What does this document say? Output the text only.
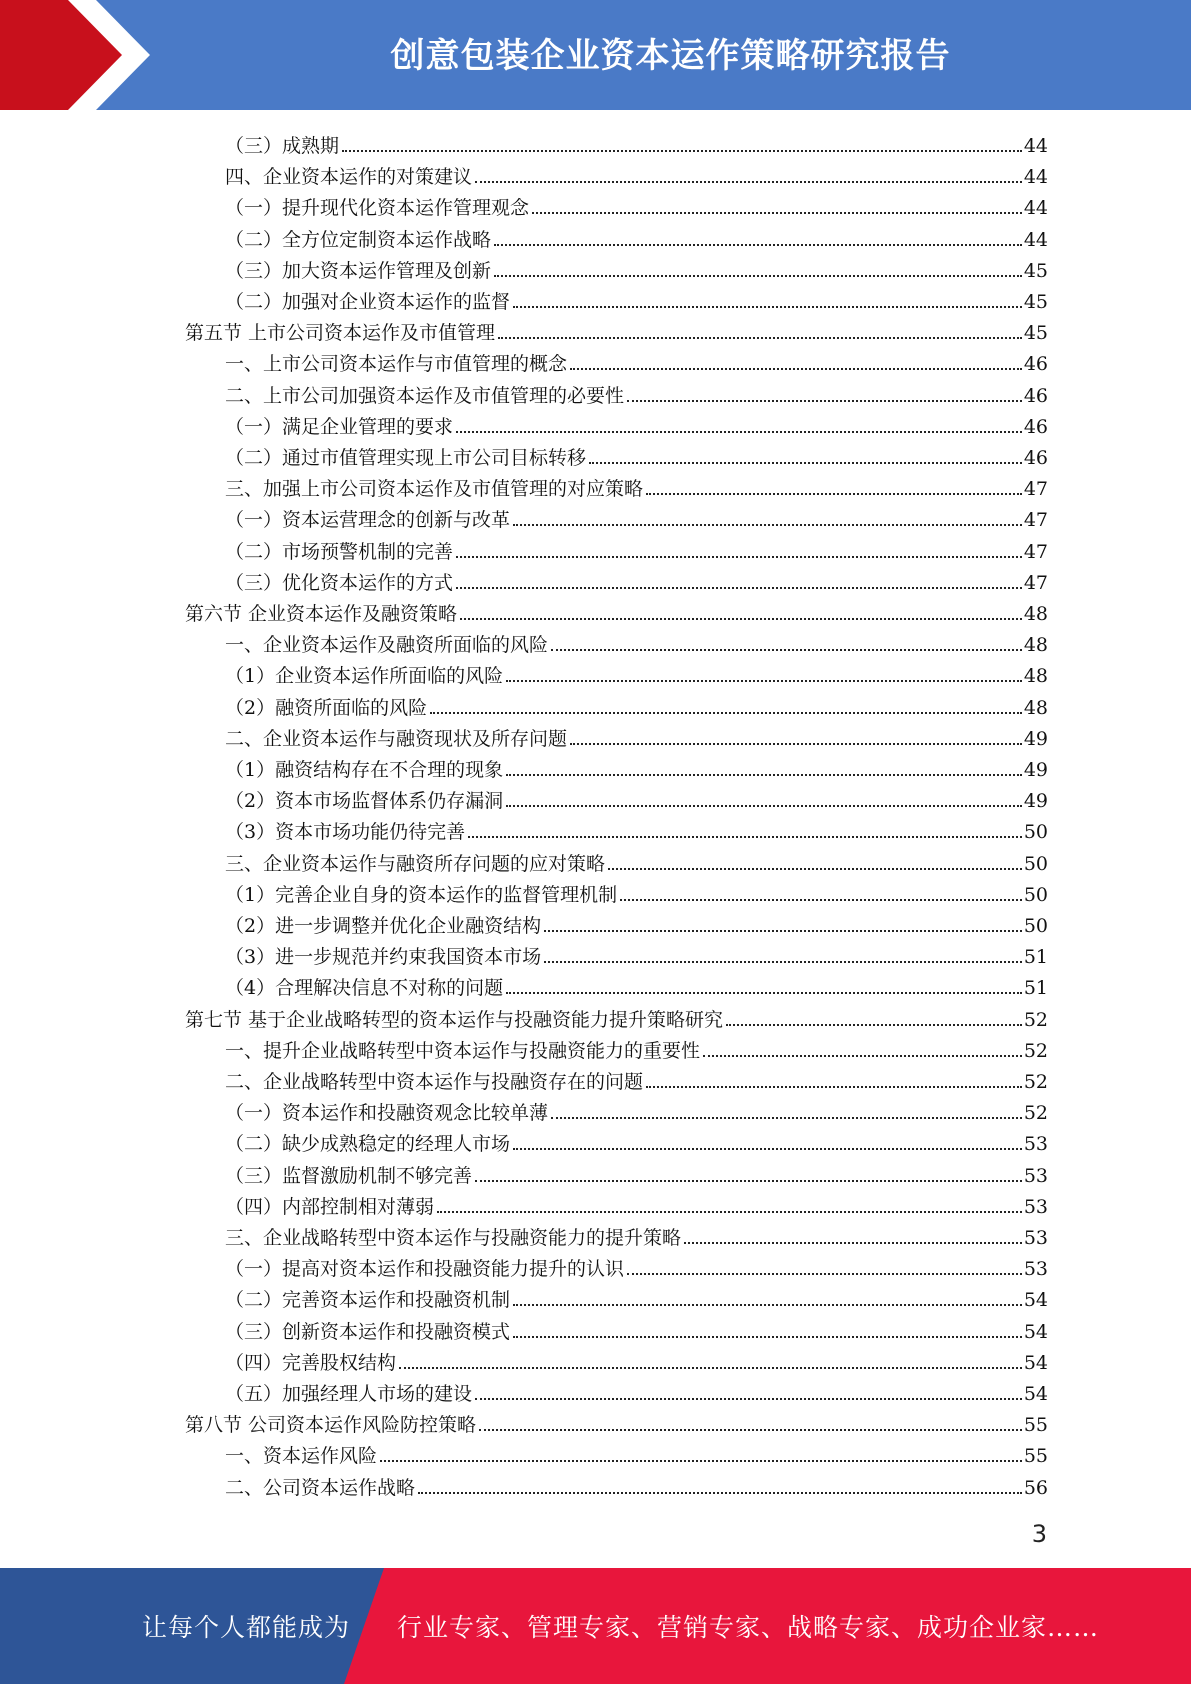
创意包装企业资本运作策略研究报告
（三）成熟期	44
四、企业资本运作的对策建议	44
（一）提升现代化资本运作管理观念	44
（二）全方位定制资本运作战略	44
（三）加大资本运作管理及创新	45
（二）加强对企业资本运作的监督	45
第五节 上市公司资本运作及市值管理	45
一、上市公司资本运作与市值管理的概念	46
二、上市公司加强资本运作及市值管理的必要性	46
（一）满足企业管理的要求	46
（二）通过市值管理实现上市公司目标转移	46
三、加强上市公司资本运作及市值管理的对应策略	47
（一）资本运营理念的创新与改革	47
（二）市场预警机制的完善	47
（三）优化资本运作的方式	47
第六节 企业资本运作及融资策略	48
一、企业资本运作及融资所面临的风险	48
（1）企业资本运作所面临的风险	48
（2）融资所面临的风险	48
二、企业资本运作与融资现状及所存问题	49
（1）融资结构存在不合理的现象	49
（2）资本市场监督体系仍存漏洞	49
（3）资本市场功能仍待完善	50
三、企业资本运作与融资所存问题的应对策略	50
（1）完善企业自身的资本运作的监督管理机制	50
（2）进一步调整并优化企业融资结构	50
（3）进一步规范并约束我国资本市场	51
（4）合理解决信息不对称的问题	51
第七节 基于企业战略转型的资本运作与投融资能力提升策略研究	52
一、提升企业战略转型中资本运作与投融资能力的重要性	52
二、企业战略转型中资本运作与投融资存在的问题	52
（一）资本运作和投融资观念比较单薄	52
（二）缺少成熟稳定的经理人市场	53
（三）监督激励机制不够完善	53
（四）内部控制相对薄弱	53
三、企业战略转型中资本运作与投融资能力的提升策略	53
（一）提高对资本运作和投融资能力提升的认识	53
（二）完善资本运作和投融资机制	54
（三）创新资本运作和投融资模式	54
（四）完善股权结构	54
（五）加强经理人市场的建设	54
第八节 公司资本运作风险防控策略	55
一、资本运作风险	55
二、公司资本运作战略	56
3
让每个人都能成为 行业专家、管理专家、营销专家、战略专家、成功企业家……
